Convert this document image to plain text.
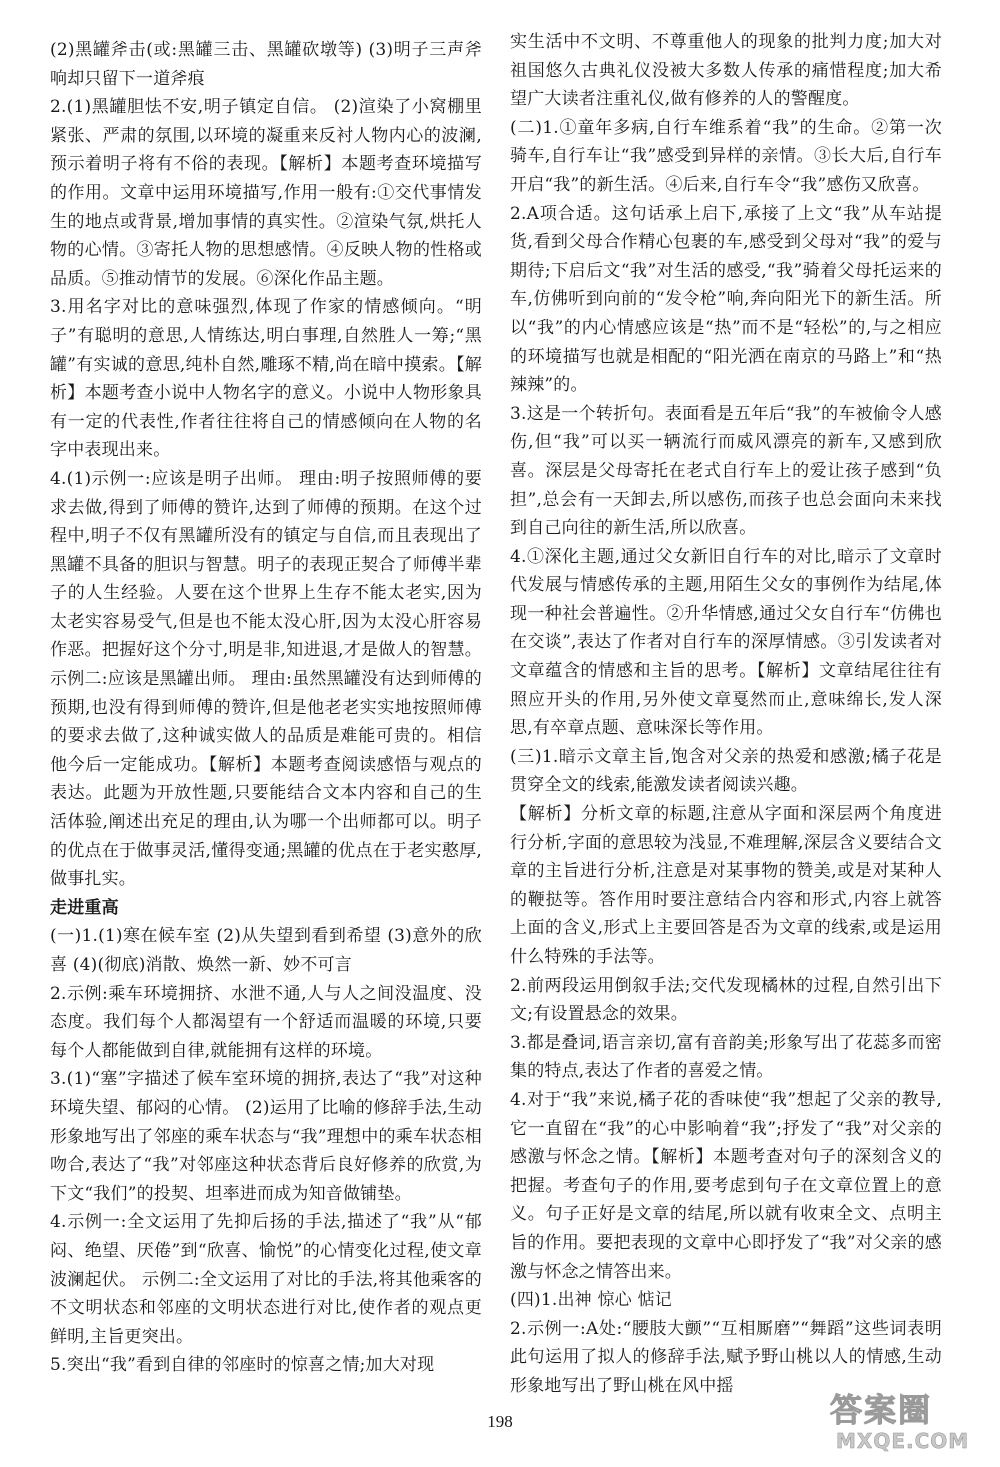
(2)黑罐斧击(或:黑罐三击、黑罐砍墩等) (3)明子三声斧响却只留下一道斧痕

2.(1)黑罐胆怯不安,明子镇定自信。 (2)渲染了小窝棚里紧张、严肃的氛围,以环境的凝重来反衬人物内心的波澜,预示着明子将有不俗的表现。【解析】本题考查环境描写的作用。文章中运用环境描写,作用一般有:①交代事情发生的地点或背景,增加事情的真实性。②渲染气氛,烘托人物的心情。③寄托人物的思想感情。④反映人物的性格或品质。⑤推动情节的发展。⑥深化作品主题。

3.用名字对比的意味强烈,体现了作家的情感倾向。“明子”有聪明的意思,人情练达,明白事理,自然胜人一筹;“黑罐”有实诚的意思,纯朴自然,雕琢不精,尚在暗中摸索。【解析】本题考查小说中人物名字的意义。小说中人物形象具有一定的代表性,作者往往将自己的情感倾向在人物的名字中表现出来。

4.(1)示例一:应该是明子出师。 理由:明子按照师傅的要求去做,得到了师傅的赞许,达到了师傅的预期。在这个过程中,明子不仅有黑罐所没有的镇定与自信,而且表现出了黑罐不具备的胆识与智慧。明子的表现正契合了师傅半辈子的人生经验。人要在这个世界上生存不能太老实,因为太老实容易受气,但是也不能太没心肝,因为太没心肝容易作恶。把握好这个分寸,明是非,知进退,才是做人的智慧。 示例二:应该是黑罐出师。 理由:虽然黑罐没有达到师傅的预期,也没有得到师傅的赞许,但是他老老实实地按照师傅的要求去做了,这种诚实做人的品质是难能可贵的。相信他今后一定能成功。【解析】本题考查阅读感悟与观点的表达。此题为开放性题,只要能结合文本内容和自己的生活体验,阐述出充足的理由,认为哪一个出师都可以。明子的优点在于做事灵活,懂得变通;黑罐的优点在于老实憨厚,做事扎实。

走进重高

(一)1.(1)寒在候车室 (2)从失望到看到希望 (3)意外的欣喜 (4)(彻底)消散、焕然一新、妙不可言

2.示例:乘车环境拥挤、水泄不通,人与人之间没温度、没态度。我们每个人都渴望有一个舒适而温暖的环境,只要每个人都能做到自律,就能拥有这样的环境。

3.(1)“塞”字描述了候车室环境的拥挤,表达了“我”对这种环境失望、郁闷的心情。 (2)运用了比喻的修辞手法,生动形象地写出了邻座的乘车状态与“我”理想中的乘车状态相吻合,表达了“我”对邻座这种状态背后良好修养的欣赏,为下文“我们”的投契、坦率进而成为知音做铺垫。

4.示例一:全文运用了先抑后扬的手法,描述了“我”从“郁闷、绝望、厌倦”到“欣喜、愉悦”的心情变化过程,使文章波澜起伏。 示例二:全文运用了对比的手法,将其他乘客的不文明状态和邻座的文明状态进行对比,使作者的观点更鲜明,主旨更突出。

5.突出“我”看到自律的邻座时的惊喜之情;加大对现

实生活中不文明、不尊重他人的现象的批判力度;加大对祖国悠久古典礼仪没被大多数人传承的痛惜程度;加大希望广大读者注重礼仪,做有修养的人的警醒度。

(二)1.①童年多病,自行车维系着“我”的生命。②第一次骑车,自行车让“我”感受到异样的亲情。③长大后,自行车开启“我”的新生活。④后来,自行车令“我”感伤又欣喜。

2.A项合适。这句话承上启下,承接了上文“我”从车站提货,看到父母合作精心包裹的车,感受到父母对“我”的爱与期待;下启后文“我”对生活的感受,“我”骑着父母托运来的车,仿佛听到向前的“发令枪”响,奔向阳光下的新生活。所以“我”的内心情感应该是“热”而不是“轻松”的,与之相应的环境描写也就是相配的“阳光洒在南京的马路上”和“热辣辣”的。

3.这是一个转折句。表面看是五年后“我”的车被偷令人感伤,但“我”可以买一辆流行而威风漂亮的新车,又感到欣喜。深层是父母寄托在老式自行车上的爱让孩子感到“负担”,总会有一天卸去,所以感伤,而孩子也总会面向未来找到自己向往的新生活,所以欣喜。

4.①深化主题,通过父女新旧自行车的对比,暗示了文章时代发展与情感传承的主题,用陌生父女的事例作为结尾,体现一种社会普遍性。②升华情感,通过父女自行车“仿佛也在交谈”,表达了作者对自行车的深厚情感。③引发读者对文章蕴含的情感和主旨的思考。【解析】文章结尾往往有照应开头的作用,另外使文章戛然而止,意味绵长,发人深思,有卒章点题、意味深长等作用。

(三)1.暗示文章主旨,饱含对父亲的热爱和感激;橘子花是贯穿全文的线索,能激发读者阅读兴趣。

【解析】分析文章的标题,注意从字面和深层两个角度进行分析,字面的意思较为浅显,不难理解,深层含义要结合文章的主旨进行分析,注意是对某事物的赞美,或是对某种人的鞭挞等。答作用时要注意结合内容和形式,内容上就答上面的含义,形式上主要回答是否为文章的线索,或是运用什么特殊的手法等。

2.前两段运用倒叙手法;交代发现橘林的过程,自然引出下文;有设置悬念的效果。

3.都是叠词,语言亲切,富有音韵美;形象写出了花蕊多而密集的特点,表达了作者的喜爱之情。

4.对于“我”来说,橘子花的香味使“我”想起了父亲的教导,它一直留在“我”的心中影响着“我”;抒发了“我”对父亲的感激与怀念之情。【解析】本题考查对句子的深刻含义的把握。考查句子的作用,要考虑到句子在文章位置上的意义。句子正好是文章的结尾,所以就有收束全文、点明主旨的作用。要把表现的文章中心即抒发了“我”对父亲的感激与怀念之情答出来。

(四)1.出神 惊心 惦记

2.示例一:A处:“腰肢大颤”“互相厮磨”“舞蹈”这些词表明此句运用了拟人的修辞手法,赋予野山桃以人的情感,生动形象地写出了野山桃在风中摇

198	答案圈
MXQE.COM
